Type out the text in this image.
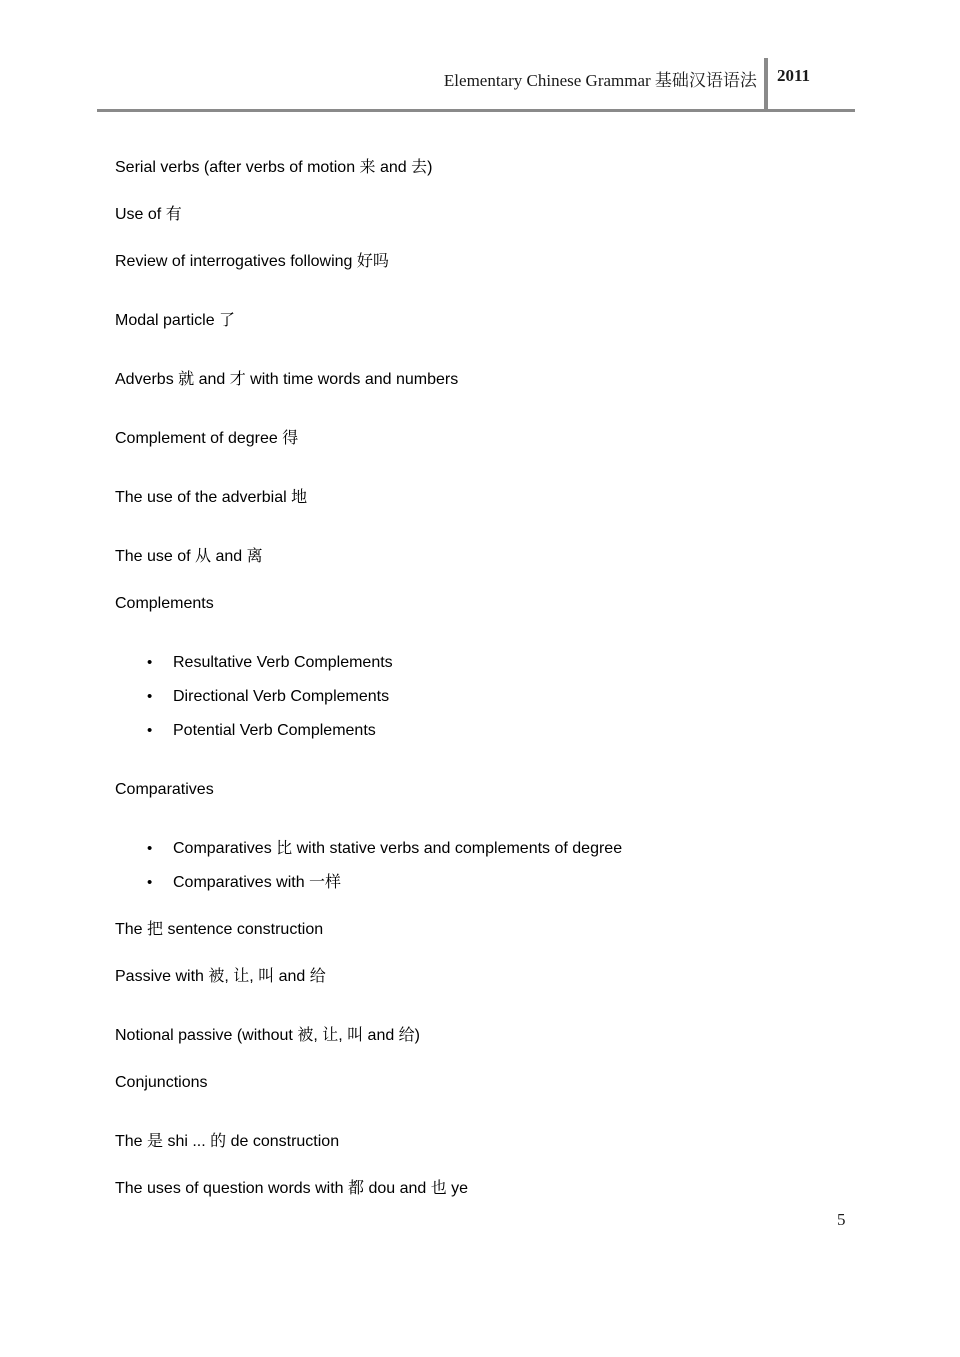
Elementary Chinese Grammar 基础汉语语法 2011
Serial verbs (after verbs of motion 来 and 去)
Use of 有
Review of interrogatives following 好吗
Modal particle 了
Adverbs 就 and 才 with time words and numbers
Complement of degree 得
The use of the adverbial 地
The use of 从 and 离
Complements
•	Resultative Verb Complements
•	Directional Verb Complements
•	Potential Verb Complements
Comparatives
•	Comparatives 比 with stative verbs and complements of degree
•	Comparatives with 一样
The 把 sentence construction
Passive with 被, 让, 叫 and 给
Notional passive (without 被, 让, 叫 and 给)
Conjunctions
The 是 shi ... 的 de construction
The uses of question words with 都 dou and 也 ye
5
